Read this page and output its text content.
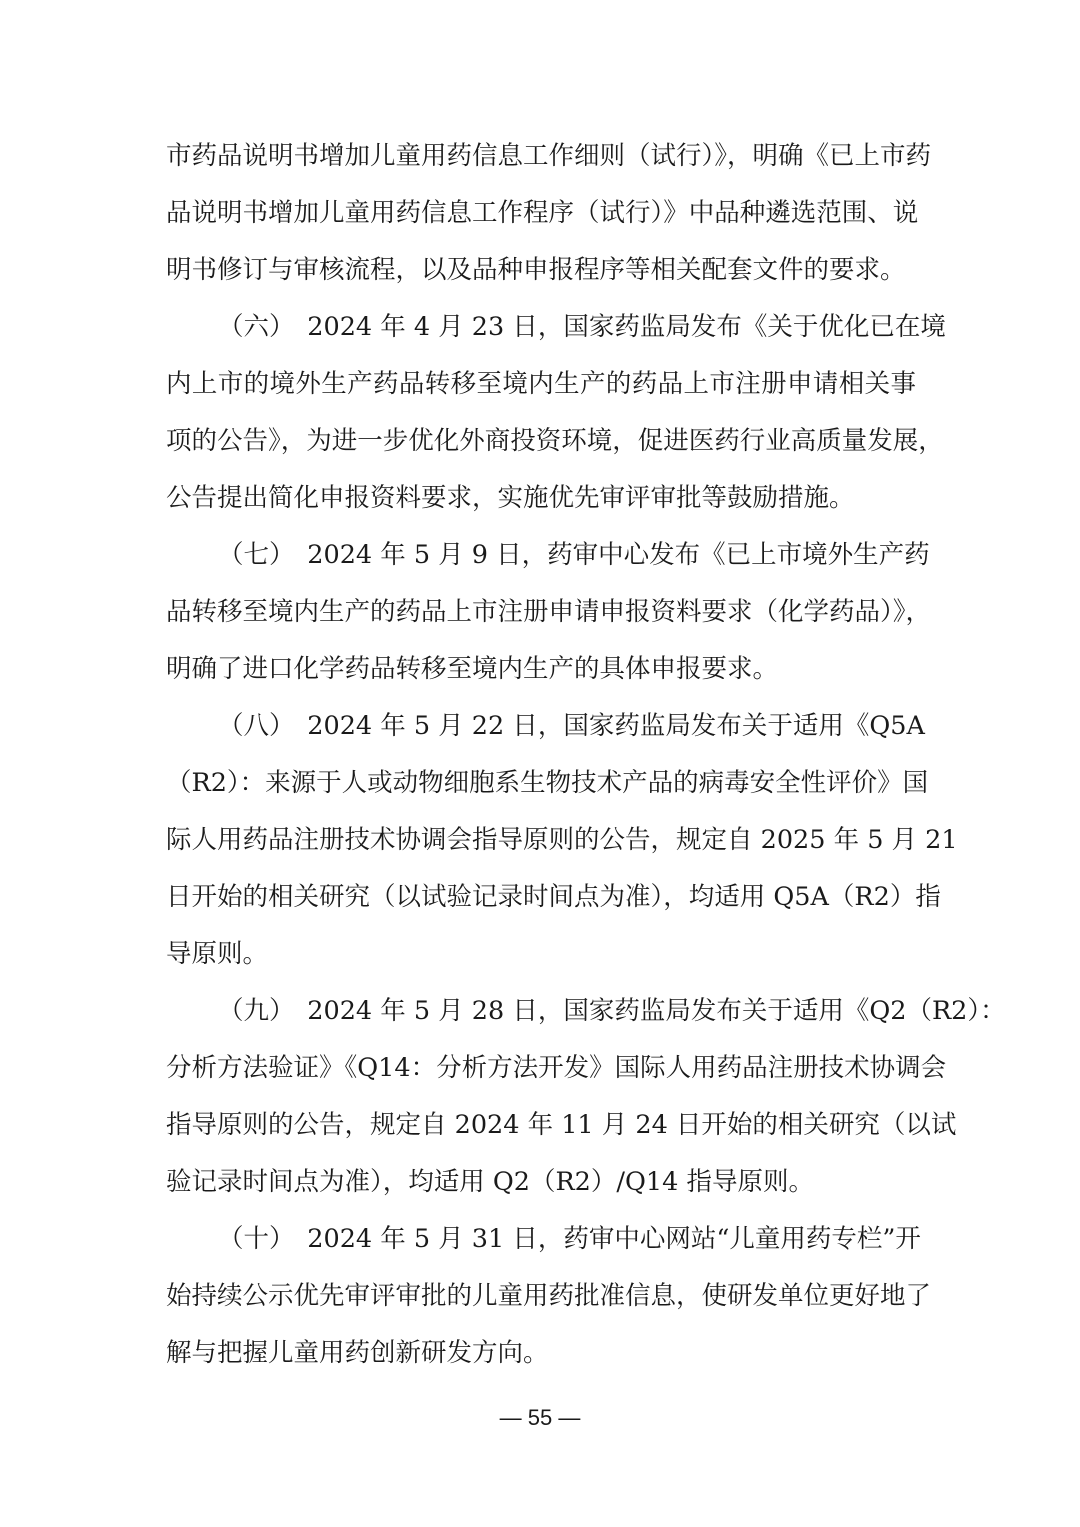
市药品说明书增加儿童用药信息工作细则（试行）》，明确《已上市药
品说明书增加儿童用药信息工作程序（试行）》中品种遴选范围、说
明书修订与审核流程，以及品种申报程序等相关配套文件的要求。
（六）　2024 年 4 月 23 日，国家药监局发布《关于优化已在境
内上市的境外生产药品转移至境内生产的药品上市注册申请相关事
项的公告》，为进一步优化外商投资环境，促进医药行业高质量发展，
公告提出简化申报资料要求，实施优先审评审批等鼓励措施。
（七）　2024 年 5 月 9 日，药审中心发布《已上市境外生产药
品转移至境内生产的药品上市注册申请申报资料要求（化学药品）》，
明确了进口化学药品转移至境内生产的具体申报要求。
（八）　2024 年 5 月 22 日，国家药监局发布关于适用《Q5A
（R2）：来源于人或动物细胞系生物技术产品的病毒安全性评价》国
际人用药品注册技术协调会指导原则的公告，规定自 2025 年 5 月 21
日开始的相关研究（以试验记录时间点为准），均适用 Q5A（R2）指
导原则。
（九）　2024 年 5 月 28 日，国家药监局发布关于适用《Q2（R2）：
分析方法验证》《Q14：分析方法开发》国际人用药品注册技术协调会
指导原则的公告，规定自 2024 年 11 月 24 日开始的相关研究（以试
验记录时间点为准），均适用 Q2（R2）/Q14 指导原则。
（十）　2024 年 5 月 31 日，药审中心网站“儿童用药专栏”开
始持续公示优先审评审批的儿童用药批准信息，使研发单位更好地了
解与把握儿童用药创新研发方向。
— 55 —
